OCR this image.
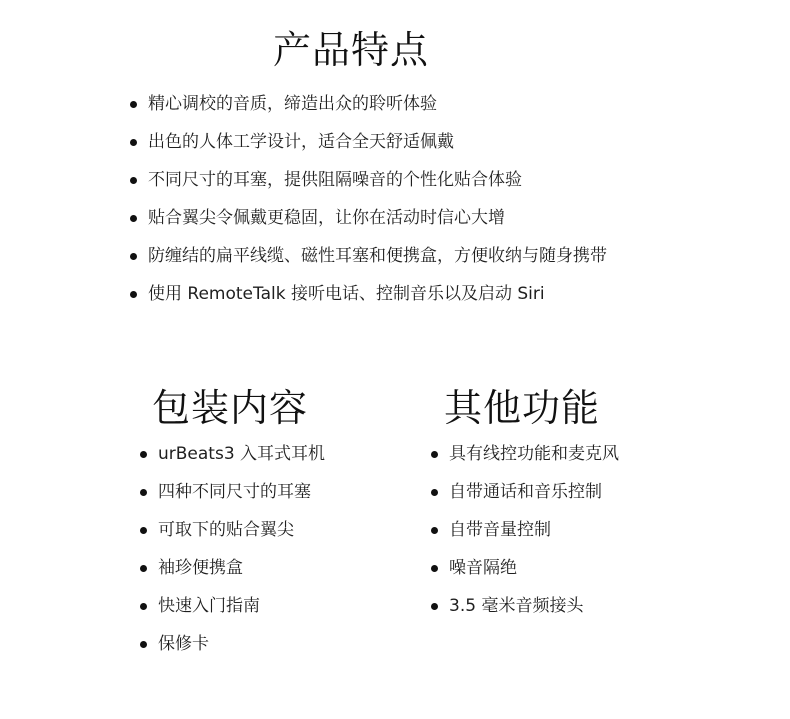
产品特点
精心调校的音质，缔造出众的聆听体验
出色的人体工学设计，适合全天舒适佩戴
不同尺寸的耳塞，提供阻隔噪音的个性化贴合体验
贴合翼尖令佩戴更稳固，让你在活动时信心大增
防缠结的扁平线缆、磁性耳塞和便携盒，方便收纳与随身携带
使用 RemoteTalk 接听电话、控制音乐以及启动 Siri
包装内容
urBeats3 入耳式耳机
四种不同尺寸的耳塞
可取下的贴合翼尖
袖珍便携盒
快速入门指南
保修卡
其他功能
具有线控功能和麦克风
自带通话和音乐控制
自带音量控制
噪音隔绝
3.5 毫米音频接头
